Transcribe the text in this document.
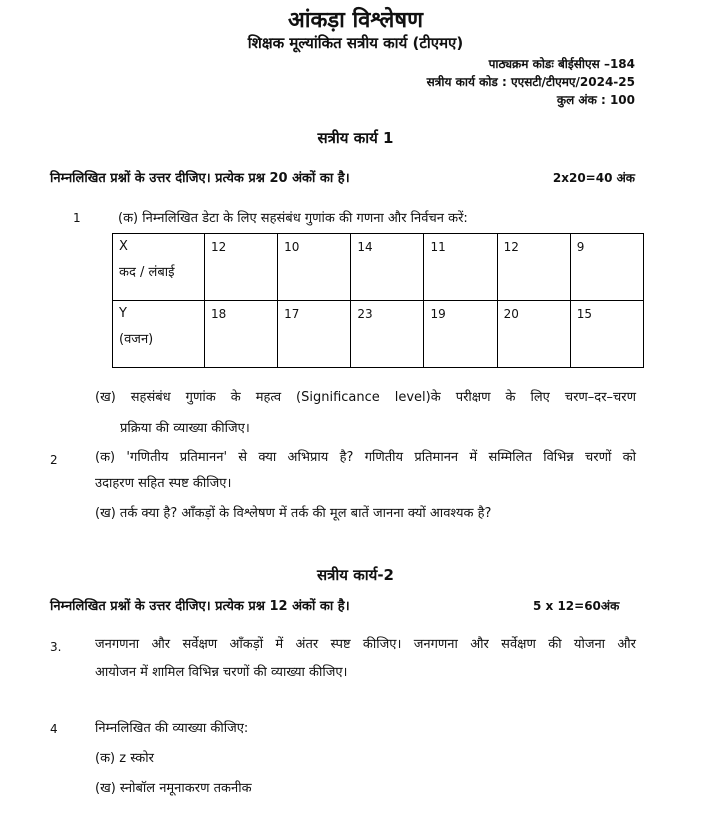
आंकड़ा विश्लेषण
शिक्षक मूल्यांकित सत्रीय कार्य (टीएमए)
पाठ्यक्रम कोडः बीईसीएस –184
सत्रीय कार्य कोड : एएसटी/टीएमए/2024-25
कुल अंक : 100
सत्रीय कार्य 1
निम्नलिखित प्रश्नों के उत्तर दीजिए। प्रत्येक प्रश्न 20 अंकों का है।	2x20=40 अंक
1	(क) निम्नलिखित डेटा के लिए सहसंबंध गुणांक की गणना और निर्वचन करें:
X
कद / लंबाई	12	10	14	11	12	9

Y
(वजन)	18	17	23	19	20	15
(ख) सहसंबंध गुणांक के महत्व (Significance level)के परीक्षण के लिए चरण–दर–चरण
प्रक्रिया की व्याख्या कीजिए।
2	(क) 'गणितीय प्रतिमानन' से क्या अभिप्राय है? गणितीय प्रतिमानन में सम्मिलित विभिन्न चरणों को
उदाहरण सहित स्पष्ट कीजिए।
(ख) तर्क क्या है? आँकड़ों के विश्लेषण में तर्क की मूल बातें जानना क्यों आवश्यक है?
सत्रीय कार्य-2
निम्नलिखित प्रश्नों के उत्तर दीजिए। प्रत्येक प्रश्न 12 अंकों का है।	5 x 12=60अंक
3.	जनगणना और सर्वेक्षण आँकड़ों में अंतर स्पष्ट कीजिए। जनगणना और सर्वेक्षण की योजना और
आयोजन में शामिल विभिन्न चरणों की व्याख्या कीजिए।
4	निम्नलिखित की व्याख्या कीजिए:
(क) z स्कोर
(ख) स्नोबॉल नमूनाकरण तकनीक
